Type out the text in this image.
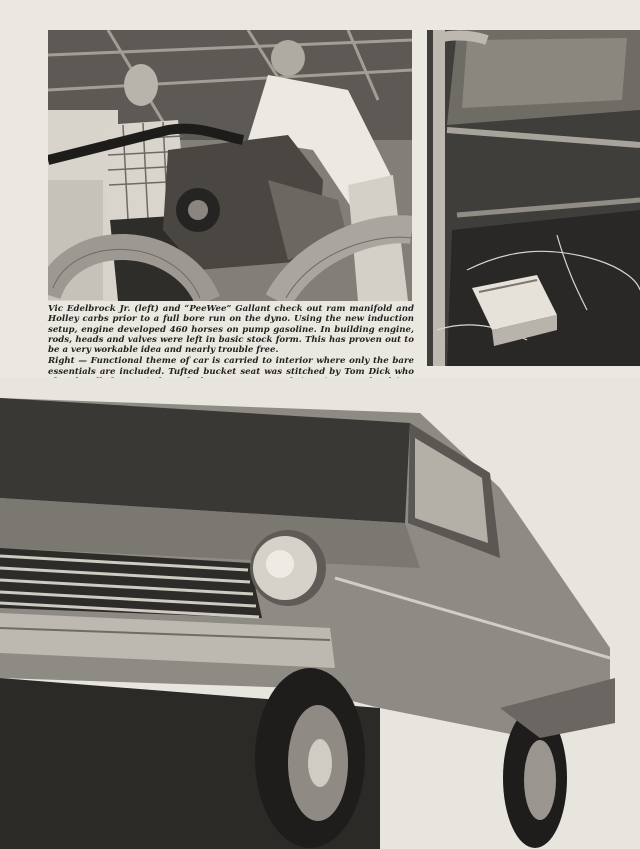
Vic Edelbrock Jr. (left) and “PeeWee” Gallant check out ram manifold and Holley carbs prior to a full bore run on the dyno. Using the new induction setup, engine developed 460 horses on pump gasoline. In building engine, rods, heads and valves were left in basic stock form. This has proven out to be a very workable idea and nearly trouble free.

Right — Functional theme of car is carried to interior where only the bare essentials are included. Tufted bucket seat was stitched by Tom Dick who
